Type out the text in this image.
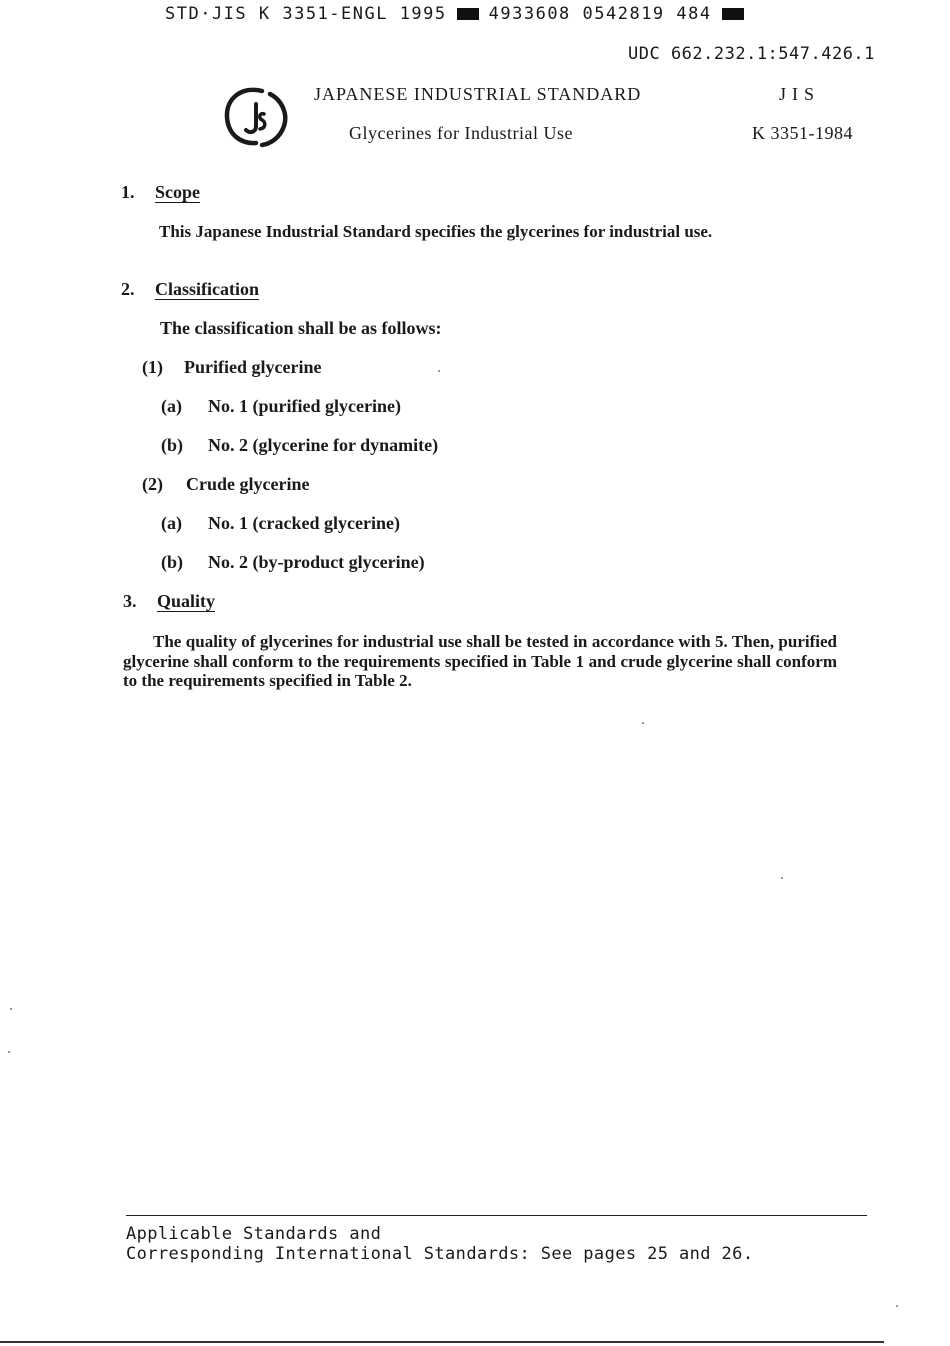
STD·JIS K 3351-ENGL 1995 4933608 0542819 484
UDC 662.232.1:547.426.1
JAPANESE INDUSTRIAL STANDARD	JIS
Glycerines for Industrial Use	K 3351-1984
1. Scope
This Japanese Industrial Standard specifies the glycerines for industrial use.
2. Classification
The classification shall be as follows:
(1) Purified glycerine
(a) No. 1 (purified glycerine)
(b) No. 2 (glycerine for dynamite)
(2) Crude glycerine
(a) No. 1 (cracked glycerine)
(b) No. 2 (by-product glycerine)
3. Quality
The quality of glycerines for industrial use shall be tested in accordance with 5. Then, purified glycerine shall conform to the requirements specified in Table 1 and crude glycerine shall conform to the requirements specified in Table 2.
Applicable Standards and
Corresponding International Standards: See pages 25 and 26.
